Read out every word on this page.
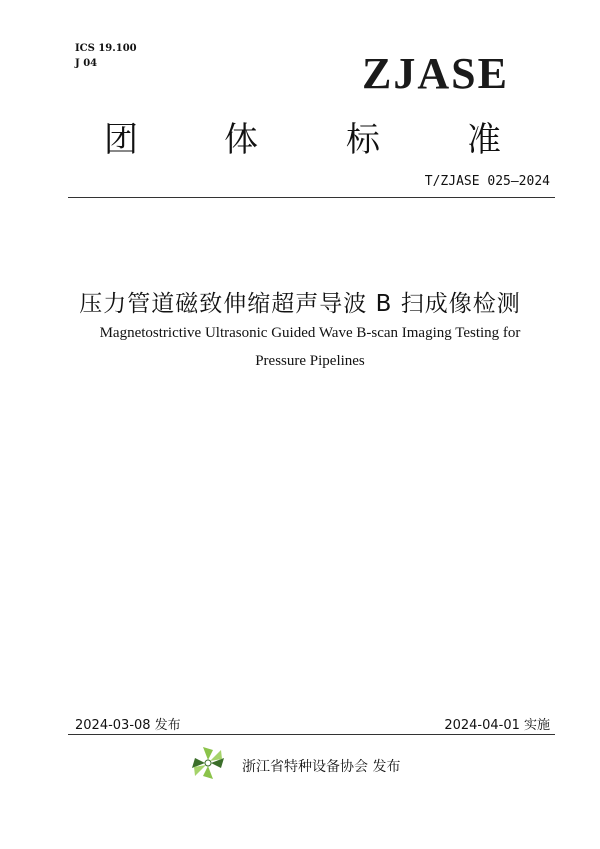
ICS 19.100
J 04	ZJASE
团	体	标	准
T/ZJASE 025—2024
压力管道磁致伸缩超声导波 B 扫成像检测
Magnetostrictive Ultrasonic Guided Wave B-scan Imaging Testing for Pressure Pipelines
2024-03-08 发布	2024-04-01 实施
浙江省特种设备协会 发布
